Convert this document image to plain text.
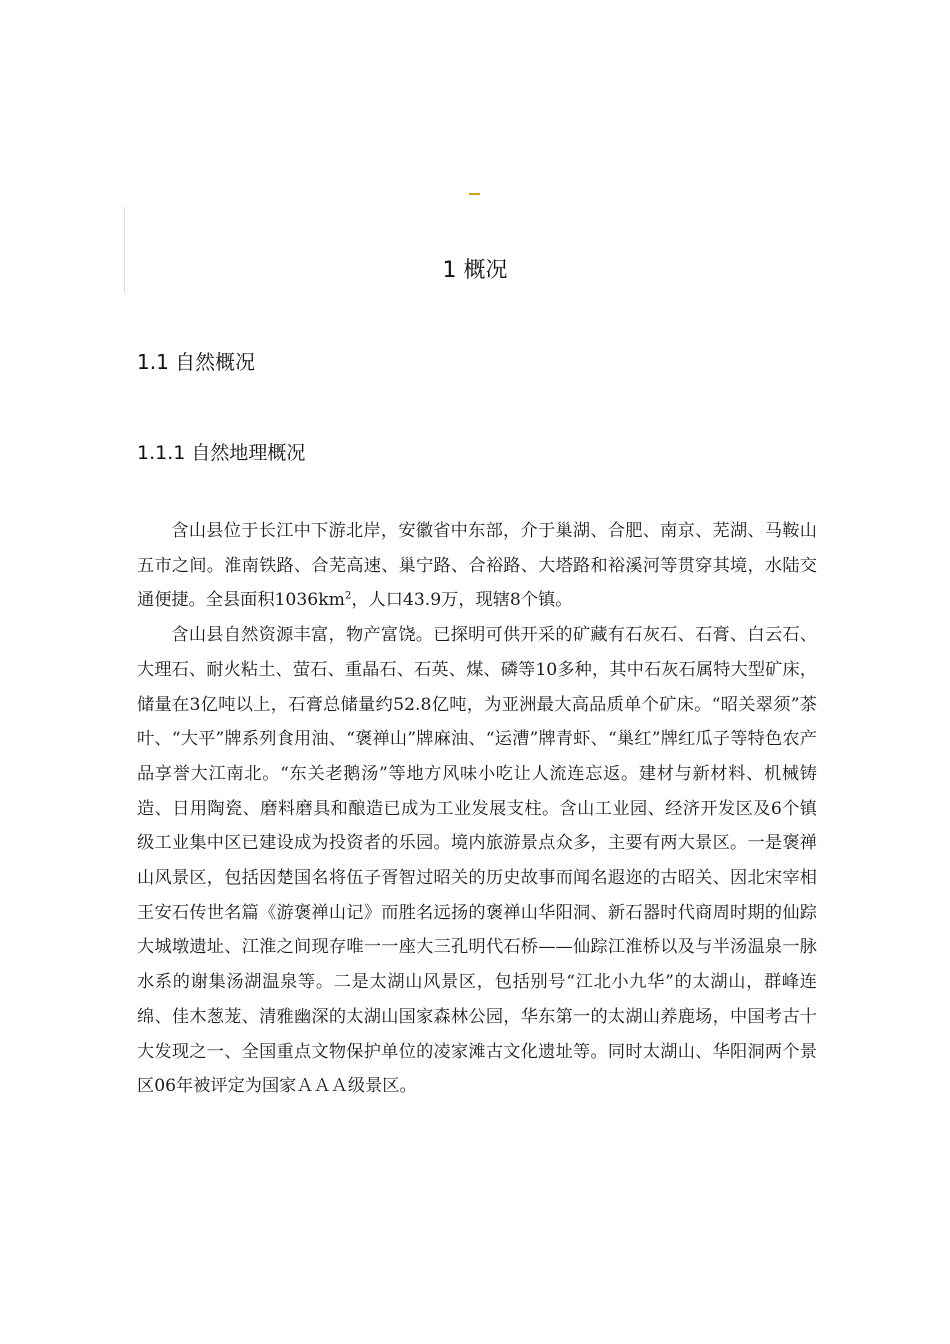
1 概况
1.1 自然概况
1.1.1 自然地理概况

含山县位于长江中下游北岸，安徽省中东部，介于巢湖、合肥、南京、芜湖、马鞍山五市之间。淮南铁路、合芜高速、巢宁路、合裕路、大塔路和裕溪河等贯穿其境，水陆交通便捷。全县面积$1036km^2$，人口43.9万，现辖8个镇。

含山县自然资源丰富，物产富饶。已探明可供开采的矿藏有石灰石、石膏、白云石、大理石、耐火粘土、萤石、重晶石、石英、煤、磷等10多种，其中石灰石属特大型矿床，储量在3亿吨以上，石膏总储量约52.8亿吨，为亚洲最大高品质单个矿床。“昭关翠须”茶叶、“大平”牌系列食用油、“褒禅山”牌麻油、“运漕”牌青虾、“巢红”牌红瓜子等特色农产品享誉大江南北。“东关老鹅汤”等地方风味小吃让人流连忘返。建材与新材料、机械铸造、日用陶瓷、磨料磨具和酿造已成为工业发展支柱。含山工业园、经济开发区及6个镇级工业集中区已建设成为投资者的乐园。境内旅游景点众多，主要有两大景区。一是褒禅山风景区，包括因楚国名将伍子胥智过昭关的历史故事而闻名遐迩的古昭关、因北宋宰相王安石传世名篇《游褒禅山记》而胜名远扬的褒禅山华阳洞、新石器时代商周时期的仙踪大城墩遗址、江淮之间现存唯一一座大三孔明代石桥——仙踪江淮桥以及与半汤温泉一脉水系的谢集汤湖温泉等。二是太湖山风景区，包括别号“江北小九华”的太湖山，群峰连绵、佳木葱茏、清雅幽深的太湖山国家森林公园，华东第一的太湖山养鹿场，中国考古十大发现之一、全国重点文物保护单位的凌家滩古文化遗址等。同时太湖山、华阳洞两个景区06年被评定为国家ＡＡＡ级景区。
